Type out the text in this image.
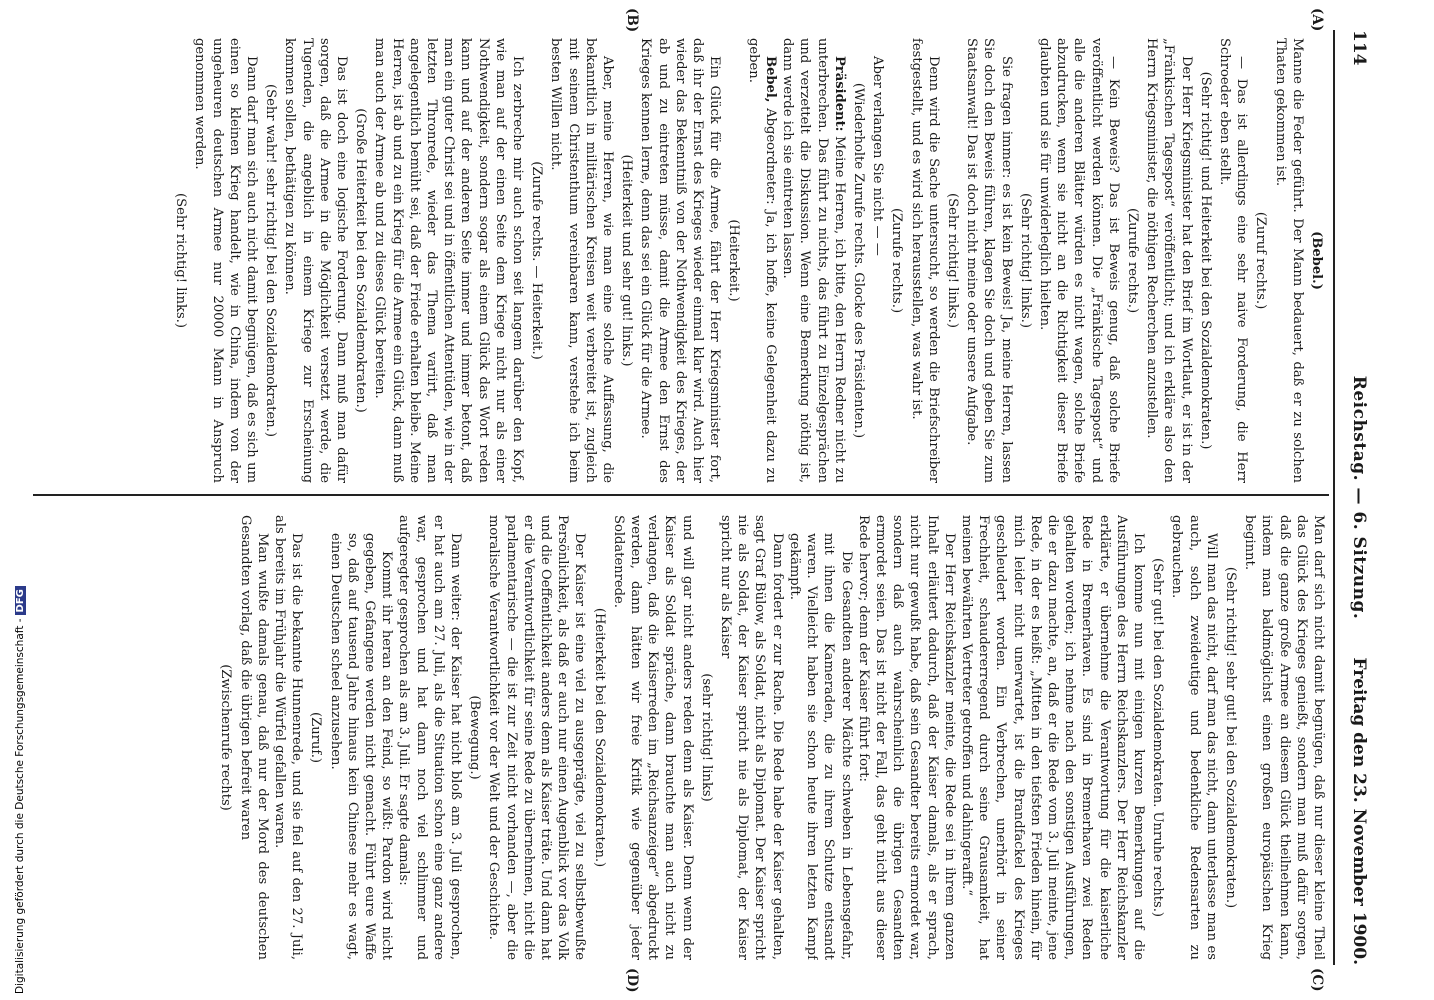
114
Reichstag. — 6. Sitzung.
Freitag den 23. November 1900.
(A)
(B)
(C)
(D)

(Bebel.)

Manne die Feder geführt. Der Mann bedauert, daß er zu solchen Thaten gekommen ist.

(Zuruf rechts.)

— Das ist allerdings eine sehr naive Forderung, die Herr Schroeder eben stellt.

(Sehr richtig! und Heiterkeit bei den Sozialdemokraten.)

Der Herr Kriegsminister hat den Brief im Wortlaut, er ist in der „Fränkischen Tagespost“ veröffentlicht; und ich erkläre also den Herrn Kriegsminister, die nöthigen Recherchen anzustellen.

(Zurufe rechts.)

— Kein Beweis? Das ist Beweis genug, daß solche Briefe veröffentlicht werden können. Die „Fränkische Tagespost“ und alle die anderen Blätter würden es nicht wagen, solche Briefe abzudrucken, wenn sie nicht an die Richtigkeit dieser Briefe glaubten und sie für unwiderleglich hielten.

(Sehr richtig! links.)

Sie fragen immer: es ist kein Beweis! Ja, meine Herren, lassen Sie doch den Beweis führen, klagen Sie doch und geben Sie zum Staatsanwalt! Das ist doch nicht meine oder unsere Aufgabe.

(Sehr richtig! links.)

Denn wird die Sache untersucht, so werden die Briefschreiber festgestellt, und es wird sich herausstellen, was wahr ist.

(Zurufe rechts.)

Aber verlangen Sie nicht — —

(Wiederholte Zurufe rechts. Glocke des Präsidenten.)

Präsident: Meine Herren, ich bitte, den Herrn Redner nicht zu unterbrechen. Das führt zu nichts, das führt zu Einzelgesprächen und verzettelt die Diskussion. Wenn eine Bemerkung nöthig ist, dann werde ich sie eintreten lassen.

Bebel, Abgeordneter: Ja, ich hoffe, keine Gelegenheit dazu zu geben.

(Heiterkeit.)

Ein Glück für die Armee, fährt der Herr Kriegsminister fort, daß ihr der Ernst des Krieges wieder einmal klar wird. Auch hier wieder das Bekenntniß von der Nothwendigkeit des Krieges, der ab und zu eintreten müsse, damit die Armee den Ernst des Krieges kennen lerne, denn das sei ein Glück für die Armee.

(Heiterkeit und sehr gut! links.)

Aber, meine Herren, wie man eine solche Auffassung, die bekanntlich in militärischen Kreisen weit verbreitet ist, zugleich mit seinem Christenthum vereinbaren kann, verstehe ich beim besten Willen nicht.

(Zurufe rechts. — Heiterkeit.)

Ich zerbreche mir auch schon seit langem darüber den Kopf, wie man auf der einen Seite dem Kriege nicht nur als einer Nothwendigkeit, sondern sogar als einem Glück das Wort reden kann und auf der anderen Seite immer und immer betont, daß man ein guter Christ sei und in öffentlichen Attentüden, wie in der letzten Thronrede, wieder das Thema variirt, daß man angelegentlich bemüht sei, daß der Friede erhalten bleibe. Meine Herren, ist ab und zu ein Krieg für die Armee ein Glück, dann muß man auch der Armee ab und zu dieses Glück bereiten.

(Große Heiterkeit bei den Sozialdemokraten.)

Das ist doch eine logische Forderung. Dann muß man dafür sorgen, daß die Armee in die Möglichkeit versetzt werde, die Tugenden, die angeblich in einem Kriege zur Erscheinung kommen sollen, bethätigen zu können.

(Sehr wahr! sehr richtig! bei den Sozialdemokraten.)

Dann darf man sich auch nicht damit begnügen, daß es sich um einen so kleinen Krieg handelt, wie in China, indem von der ungeheuren deutschen Armee nur 20000 Mann in Anspruch genommen werden.

(Sehr richtig! links.)

Man darf sich nicht damit begnügen, daß nur dieser kleine Theil das Glück des Krieges genießt, sondern man muß dafür sorgen, daß die ganze große Armee an diesem Glück theilnehmen kann, indem man baldmöglichst einen großen europäischen Krieg beginnt.

(Sehr richtig! sehr gut! bei den Sozialdemokraten.)

Will man das nicht, darf man das nicht, dann unterlasse man es auch, solch zweideutige und bedenkliche Redensarten zu gebrauchen.

(Sehr gut! bei den Sozialdemokraten. Unruhe rechts.)

Ich komme nun mit einigen kurzen Bemerkungen auf die Ausführungen des Herrn Reichskanzlers. Der Herr Reichskanzler erklärte, er übernehme die Verantwortung für die kaiserliche Rede in Bremerhaven. Es sind in Bremerhaven zwei Reden gehalten worden; ich nehme nach den sonstigen Ausführungen, die er dazu machte, an, daß er die Rede vom 3. Juli meinte, jene Rede, in der es heißt: „Mitten in den tiefsten Frieden hinein, für mich leider nicht unerwartet, ist die Brandfackel des Krieges geschleudert worden. Ein Verbrechen, unerhört in seiner Frechheit, schaudererregend durch seine Grausamkeit, hat meinen bewährten Vertreter getroffen und dahingerafft.“

Der Herr Reichskanzler meinte, die Rede sei in ihrem ganzen Inhalt erläutert dadurch, daß der Kaiser damals, als er sprach, nicht nur gewußt habe, daß sein Gesandter bereits ermordet war, sondern daß auch wahrscheinlich die übrigen Gesandten ermordet seien. Das ist nicht der Fall, das geht nicht aus dieser Rede hervor; denn der Kaiser führt fort:

Die Gesandten anderer Mächte schweben in Lebensgefahr, mit ihnen die Kameraden, die zu ihrem Schutze entsandt waren. Vielleicht haben sie schon heute ihren letzten Kampf gekämpft.

Dann fordert er zur Rache. Die Rede habe der Kaiser gehalten, sagt Graf Bülow, als Soldat, nicht als Diplomat. Der Kaiser spricht nie als Soldat, der Kaiser spricht nie als Diplomat, der Kaiser spricht nur als Kaiser

(sehr richtig! links)

und will gar nicht anders reden denn als Kaiser. Denn wenn der Kaiser als Soldat spräche, dann brauchte man auch nicht zu verlangen, daß die Kaiserreden im „Reichsanzeiger“ abgedruckt werden, dann hätten wir freie Kritik wie gegenüber jeder Soldatenrede.

(Heiterkeit bei den Sozialdemokraten.)

Der Kaiser ist eine viel zu ausgeprägte, viel zu selbstbewußte Persönlichkeit, als daß er auch nur einen Augenblick vor das Volk und die Oeffentlichkeit anders denn als Kaiser träte. Und dann hat er die Verantwortlichkeit für seine Rede zu übernehmen, nicht die parlamentarische — die ist zur Zeit nicht vorhanden —, aber die moralische Verantwortlichkeit vor der Welt und der Geschichte.

(Bewegung.)

Dann weiter: der Kaiser hat nicht bloß am 3. Juli gesprochen, er hat auch am 27. Juli, als die Situation schon eine ganz andere war, gesprochen und hat dann noch viel schlimmer und aufgeregter gesprochen als am 3. Juli. Er sagte damals:

Kommt ihr heran an den Feind, so wißt: Pardon wird nicht gegeben, Gefangene werden nicht gemacht. Führt eure Waffe so, daß auf tausend Jahre hinaus kein Chinese mehr es wagt, einen Deutschen scheel anzusehen.

(Zuruf.)

Das ist die bekannte Hunnenrede, und sie fiel auf den 27. Juli, als bereits im Frühjahr die Würfel gefallen waren.

Man wußte damals genau, daß nur der Mord des deutschen Gesandten vorlag, daß die übrigen befreit waren

(Zwischenrufe rechts)

Digitalisierung gefördert durch die Deutsche Forschungsgemeinschaft -DFG
